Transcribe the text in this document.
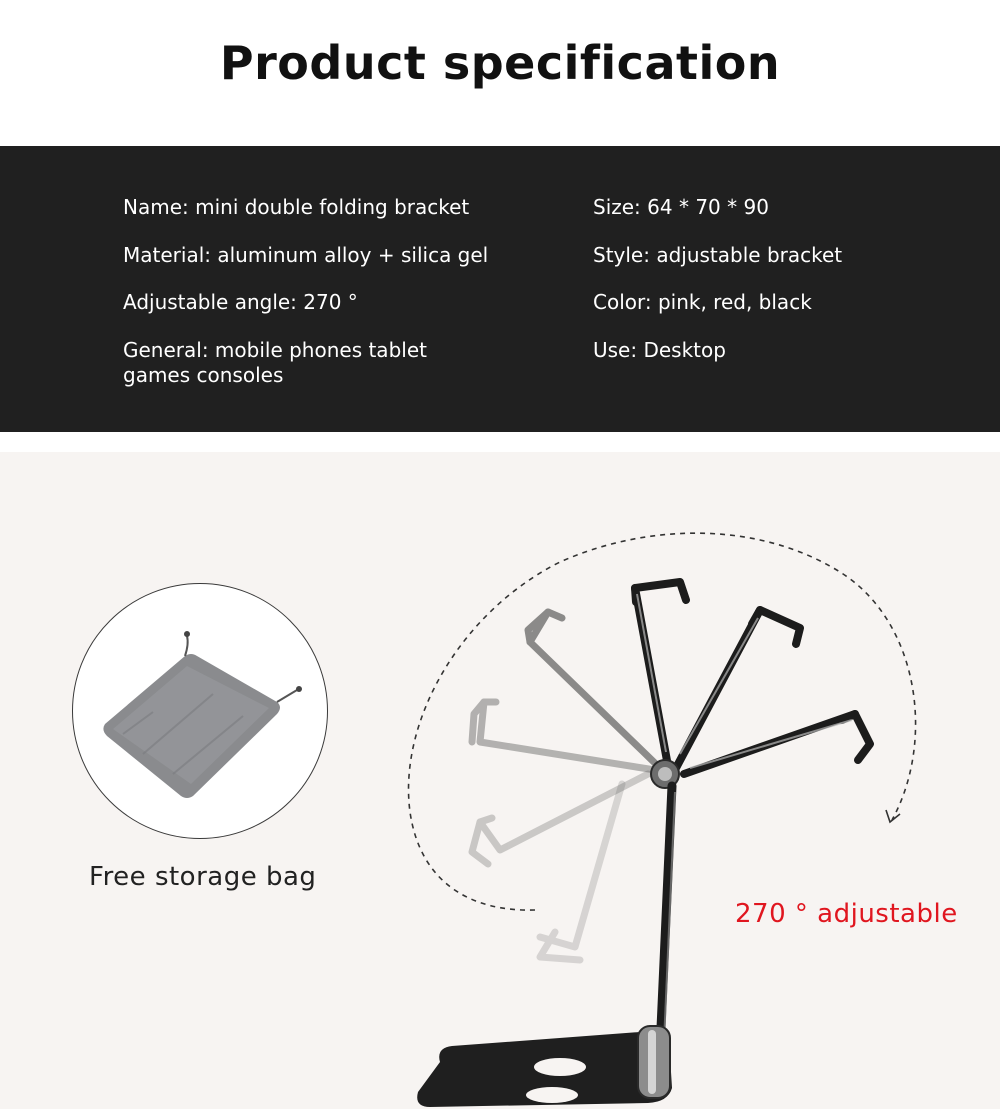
Product specification
Name: mini double folding bracket
Material: aluminum alloy + silica gel
Adjustable angle: 270 °
General: mobile phones tablet games consoles
Size: 64 * 70 * 90
Style: adjustable bracket
Color: pink, red, black
Use: Desktop
Free storage bag
270 ° adjustable
